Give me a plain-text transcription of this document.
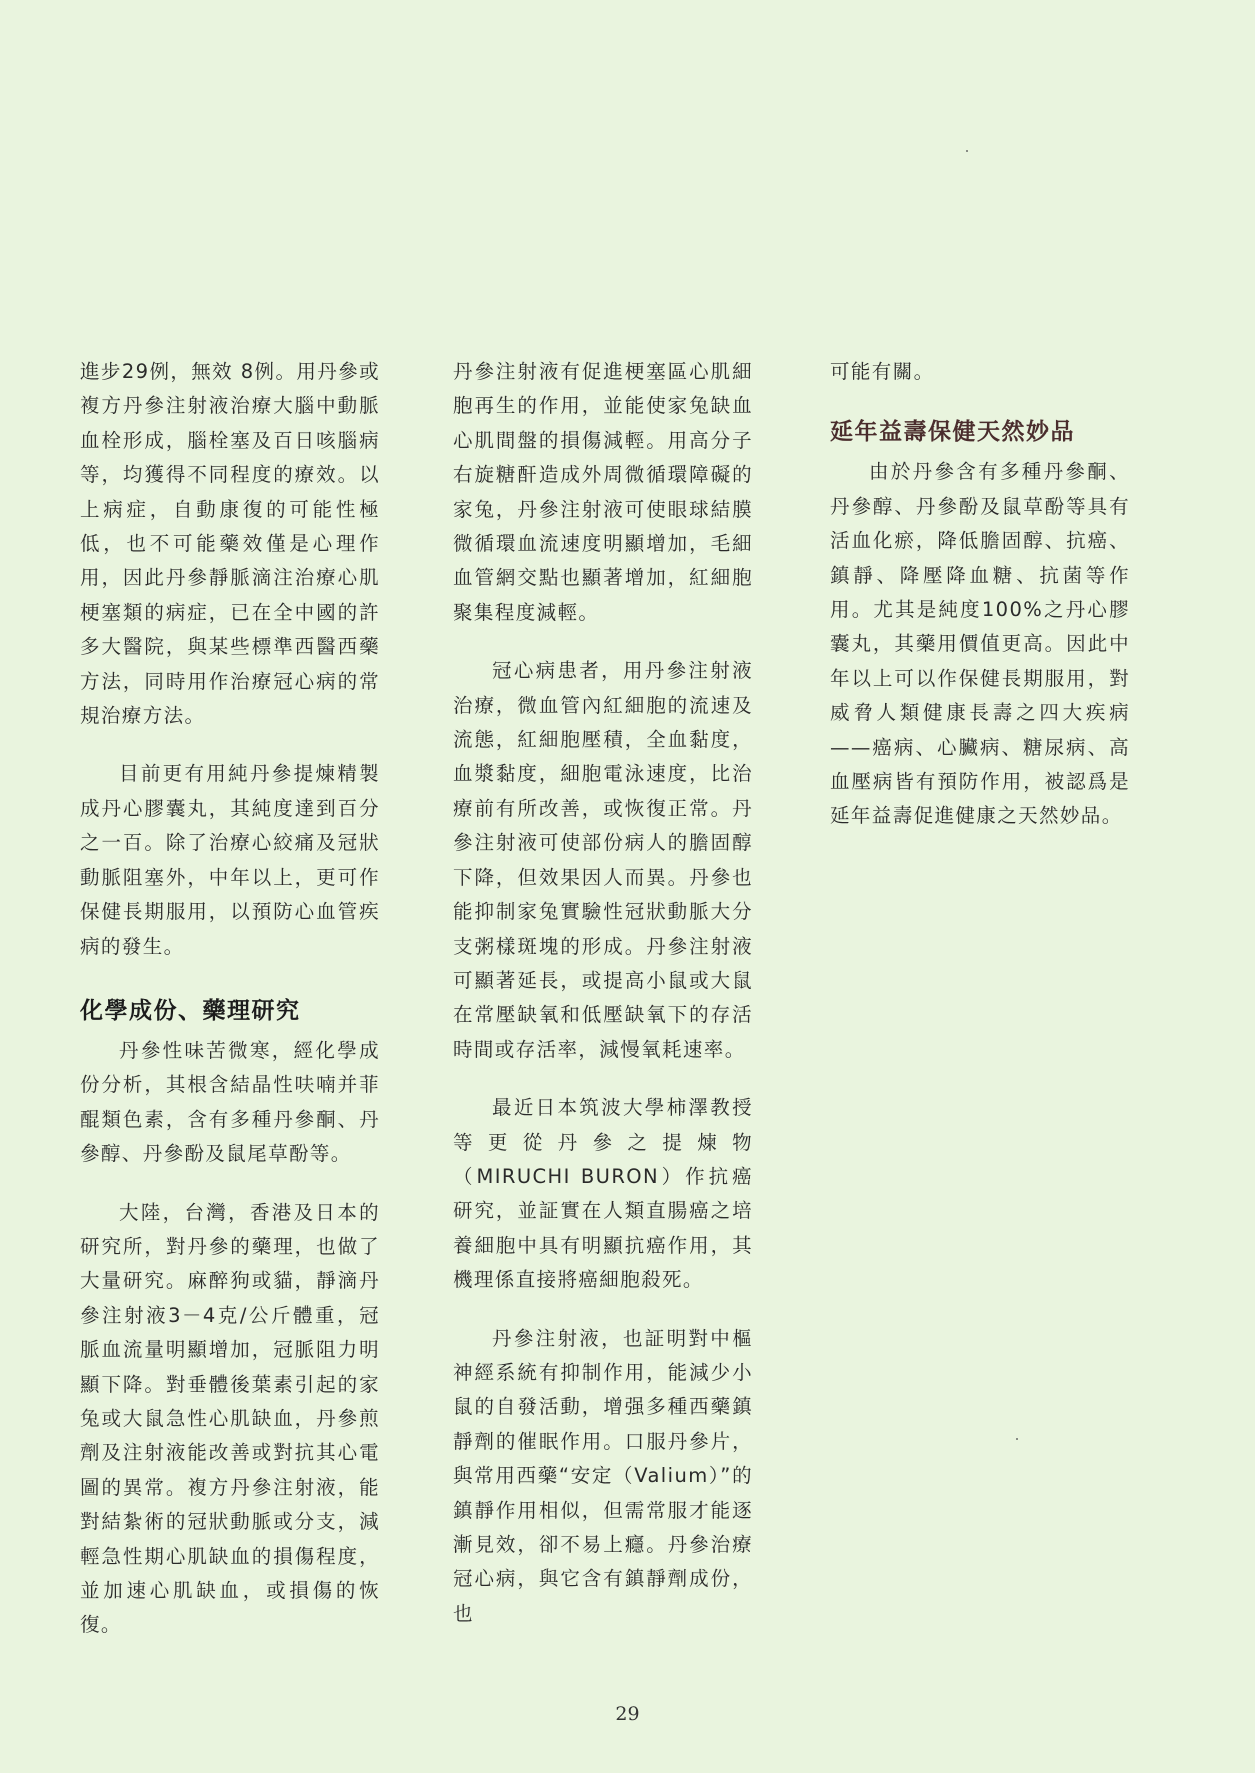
進步29例，無效 8例。用丹參或複方丹參注射液治療大腦中動脈血栓形成，腦栓塞及百日咳腦病等，均獲得不同程度的療效。以上病症，自動康復的可能性極低，也不可能藥效僅是心理作用，因此丹參靜脈滴注治療心肌梗塞類的病症，已在全中國的許多大醫院，與某些標準西醫西藥方法，同時用作治療冠心病的常規治療方法。

目前更有用純丹參提煉精製成丹心膠囊丸，其純度達到百分之一百。除了治療心絞痛及冠狀動脈阻塞外，中年以上，更可作保健長期服用，以預防心血管疾病的發生。

化學成份、藥理研究

丹參性味苦微寒，經化學成份分析，其根含結晶性呋喃并菲醌類色素，含有多種丹參酮、丹參醇、丹參酚及鼠尾草酚等。

大陸，台灣，香港及日本的研究所，對丹參的藥理，也做了大量研究。麻醉狗或貓，靜滴丹參注射液3－4克/公斤體重，冠脈血流量明顯增加，冠脈阻力明顯下降。對垂體後葉素引起的家兔或大鼠急性心肌缺血，丹參煎劑及注射液能改善或對抗其心電圖的異常。複方丹參注射液，能對結紮術的冠狀動脈或分支，減輕急性期心肌缺血的損傷程度，並加速心肌缺血，或損傷的恢復。

丹參注射液有促進梗塞區心肌細胞再生的作用，並能使家兔缺血心肌間盤的損傷減輕。用高分子右旋糖酐造成外周微循環障礙的家兔，丹參注射液可使眼球結膜微循環血流速度明顯增加，毛細血管網交點也顯著增加，紅細胞聚集程度減輕。

冠心病患者，用丹參注射液治療，微血管內紅細胞的流速及流態，紅細胞壓積，全血黏度，血漿黏度，細胞電泳速度，比治療前有所改善，或恢復正常。丹參注射液可使部份病人的膽固醇下降，但效果因人而異。丹參也能抑制家兔實驗性冠狀動脈大分支粥樣斑塊的形成。丹參注射液可顯著延長，或提高小鼠或大鼠在常壓缺氧和低壓缺氧下的存活時間或存活率，減慢氧耗速率。

最近日本筑波大學柿澤教授等更從丹參之提煉物（MIRUCHI BURON）作抗癌研究，並証實在人類直腸癌之培養細胞中具有明顯抗癌作用，其機理係直接將癌細胞殺死。

丹參注射液，也証明對中樞神經系統有抑制作用，能減少小鼠的自發活動，增强多種西藥鎮靜劑的催眠作用。口服丹參片，與常用西藥“安定（Valium）”的鎮靜作用相似，但需常服才能逐漸見效，卻不易上癮。丹參治療冠心病，與它含有鎮靜劑成份，也

可能有關。

延年益壽保健天然妙品

由於丹參含有多種丹參酮、丹參醇、丹參酚及鼠草酚等具有活血化瘀，降低膽固醇、抗癌、鎮靜、降壓降血糖、抗菌等作用。尤其是純度100%之丹心膠囊丸，其藥用價值更高。因此中年以上可以作保健長期服用，對威脅人類健康長壽之四大疾病——癌病、心臟病、糖尿病、高血壓病皆有預防作用，被認爲是延年益壽促進健康之天然妙品。

29
